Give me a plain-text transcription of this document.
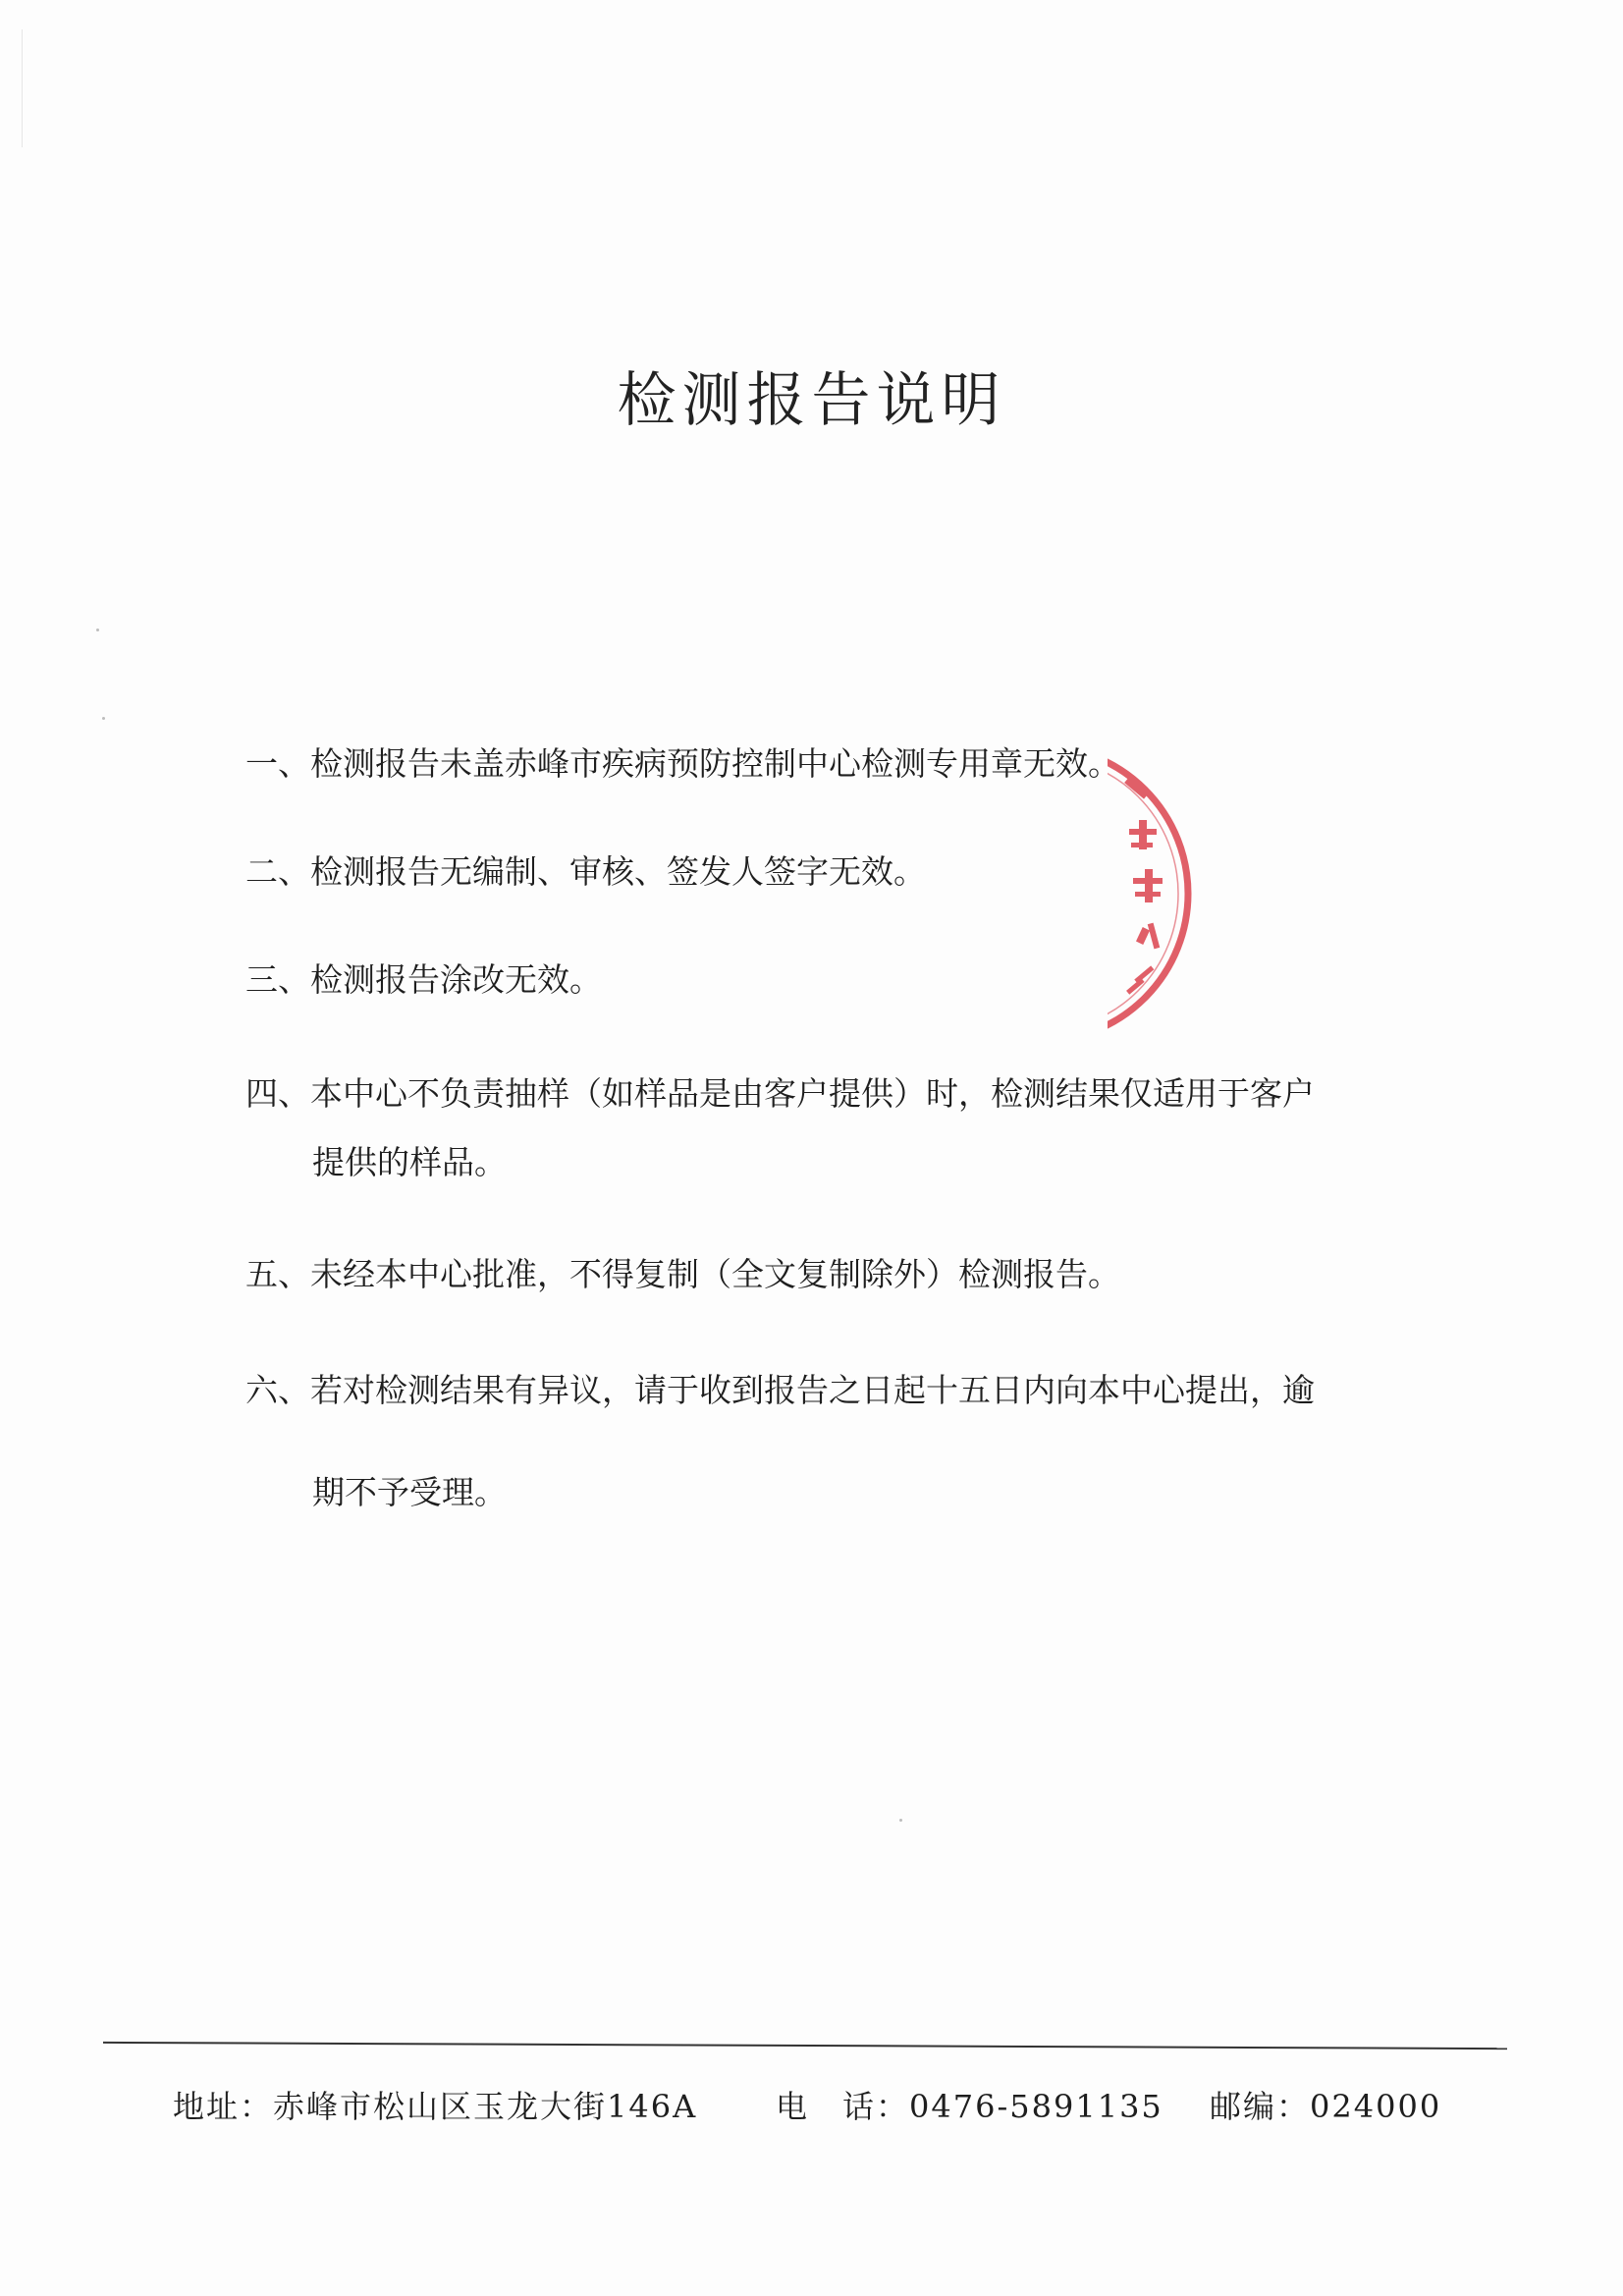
检测报告说明
一、检测报告未盖赤峰市疾病预防控制中心检测专用章无效。
二、检测报告无编制、审核、签发人签字无效。
三、检测报告涂改无效。
四、本中心不负责抽样（如样品是由客户提供）时，检测结果仅适用于客户
提供的样品。
五、未经本中心批准，不得复制（全文复制除外）检测报告。
六、若对检测结果有异议，请于收到报告之日起十五日内向本中心提出，逾
期不予受理。
地址：赤峰市松山区玉龙大街146A 电　话：0476-5891135 邮编：024000
